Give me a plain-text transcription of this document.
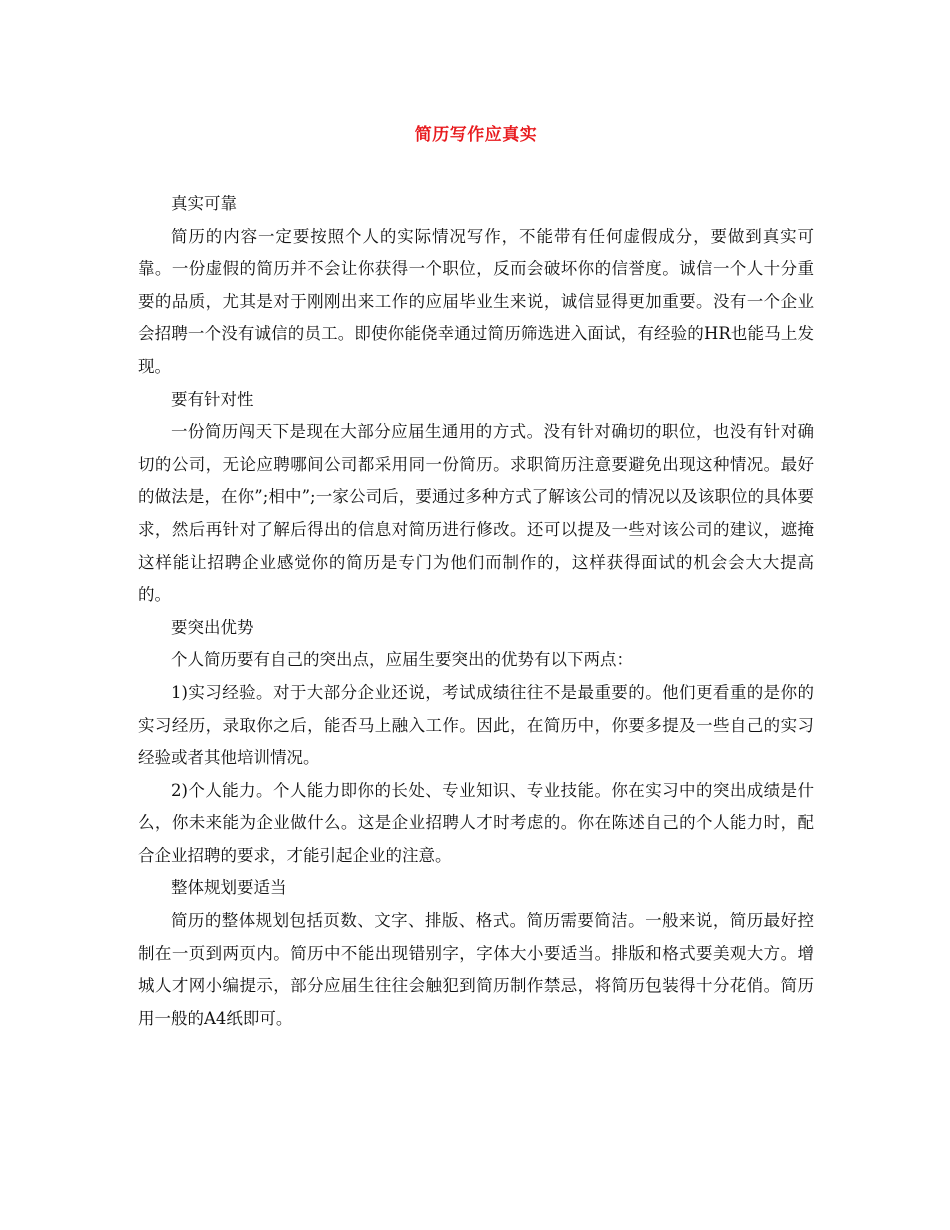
简历写作应真实

真实可靠

简历的内容一定要按照个人的实际情况写作，不能带有任何虚假成分，要做到真实可靠。一份虚假的简历并不会让你获得一个职位，反而会破坏你的信誉度。诚信一个人十分重要的品质，尤其是对于刚刚出来工作的应届毕业生来说，诚信显得更加重要。没有一个企业会招聘一个没有诚信的员工。即使你能侥幸通过简历筛选进入面试，有经验的HR也能马上发现。

要有针对性

一份简历闯天下是现在大部分应届生通用的方式。没有针对确切的职位，也没有针对确切的公司，无论应聘哪间公司都采用同一份简历。求职简历注意要避免出现这种情况。最好的做法是，在你”;相中”;一家公司后，要通过多种方式了解该公司的情况以及该职位的具体要求，然后再针对了解后得出的信息对简历进行修改。还可以提及一些对该公司的建议，遮掩这样能让招聘企业感觉你的简历是专门为他们而制作的，这样获得面试的机会会大大提高的。

要突出优势

个人简历要有自己的突出点，应届生要突出的优势有以下两点：

1)实习经验。对于大部分企业还说，考试成绩往往不是最重要的。他们更看重的是你的实习经历，录取你之后，能否马上融入工作。因此，在简历中，你要多提及一些自己的实习经验或者其他培训情况。

2)个人能力。个人能力即你的长处、专业知识、专业技能。你在实习中的突出成绩是什么，你未来能为企业做什么。这是企业招聘人才时考虑的。你在陈述自己的个人能力时，配合企业招聘的要求，才能引起企业的注意。

整体规划要适当

简历的整体规划包括页数、文字、排版、格式。简历需要简洁。一般来说，简历最好控制在一页到两页内。简历中不能出现错别字，字体大小要适当。排版和格式要美观大方。增城人才网小编提示，部分应届生往往会触犯到简历制作禁忌，将简历包装得十分花俏。简历用一般的A4纸即可。
